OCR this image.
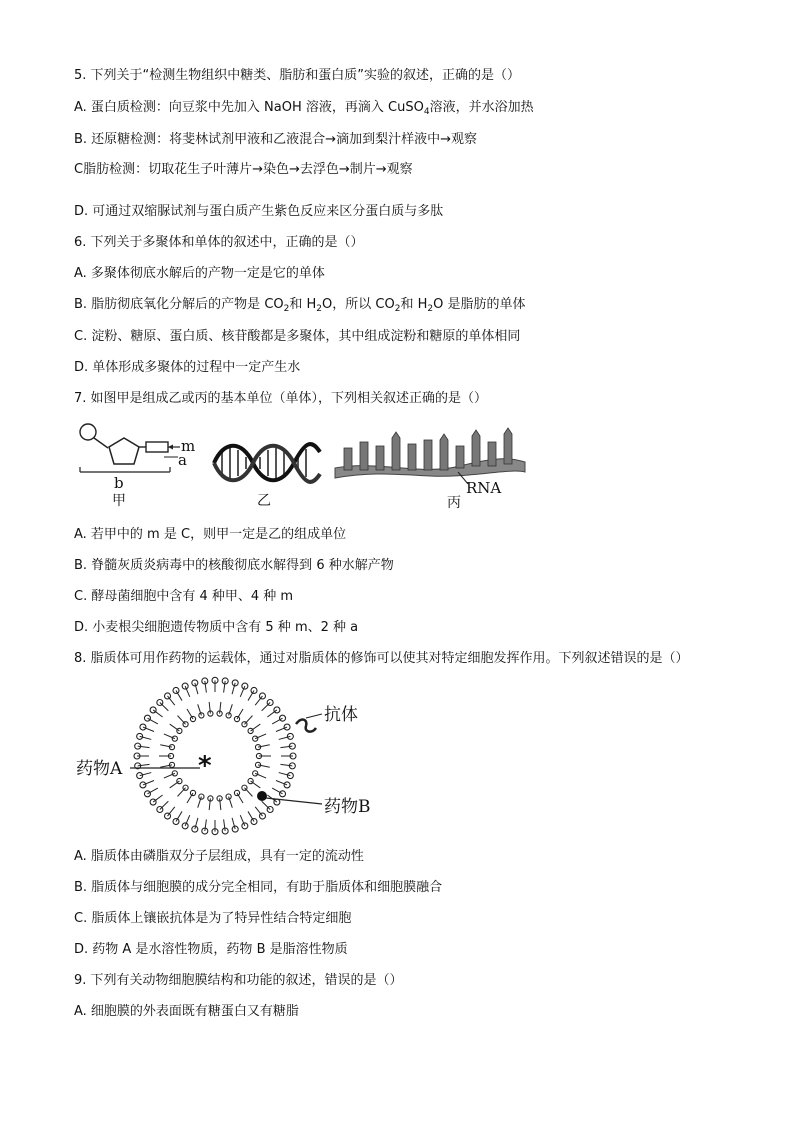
5. 下列关于“检测生物组织中糖类、脂肪和蛋白质”实验的叙述，正确的是（）
A. 蛋白质检测：向豆浆中先加入 NaOH 溶液，再滴入 CuSO$_4$溶液，并水浴加热
B. 还原糖检测：将斐林试剂甲液和乙液混合→滴加到梨汁样液中→观察
C脂肪检测：切取花生子叶薄片→染色→去浮色→制片→观察
D. 可通过双缩脲试剂与蛋白质产生紫色反应来区分蛋白质与多肽
6. 下列关于多聚体和单体的叙述中，正确的是（）
A. 多聚体彻底水解后的产物一定是它的单体
B. 脂肪彻底氧化分解后的产物是 $CO_2$和 $H_2O$，所以 $CO_2$和 $H_2O$ 是脂肪的单体
C. 淀粉、糖原、蛋白质、核苷酸都是多聚体，其中组成淀粉和糖原的单体相同
D. 单体形成多聚体的过程中一定产生水
7. 如图甲是组成乙或丙的基本单位（单体），下列相关叙述正确的是（）
m
a
b
甲	乙
RNA
丙
A. 若甲中的 m 是 C，则甲一定是乙的组成单位
B. 脊髓灰质炎病毒中的核酸彻底水解得到 6 种水解产物
C. 酵母菌细胞中含有 4 种甲、4 种 m
D. 小麦根尖细胞遗传物质中含有 5 种 m、2 种 a
8. 脂质体可用作药物的运载体，通过对脂质体的修饰可以使其对特定细胞发挥作用。下列叙述错误的是（）
抗体
*
药物A
药物B
A. 脂质体由磷脂双分子层组成，具有一定的流动性
B. 脂质体与细胞膜的成分完全相同，有助于脂质体和细胞膜融合
C. 脂质体上镶嵌抗体是为了特异性结合特定细胞
D. 药物 A 是水溶性物质，药物 B 是脂溶性物质
9. 下列有关动物细胞膜结构和功能的叙述，错误的是（）
A. 细胞膜的外表面既有糖蛋白又有糖脂
